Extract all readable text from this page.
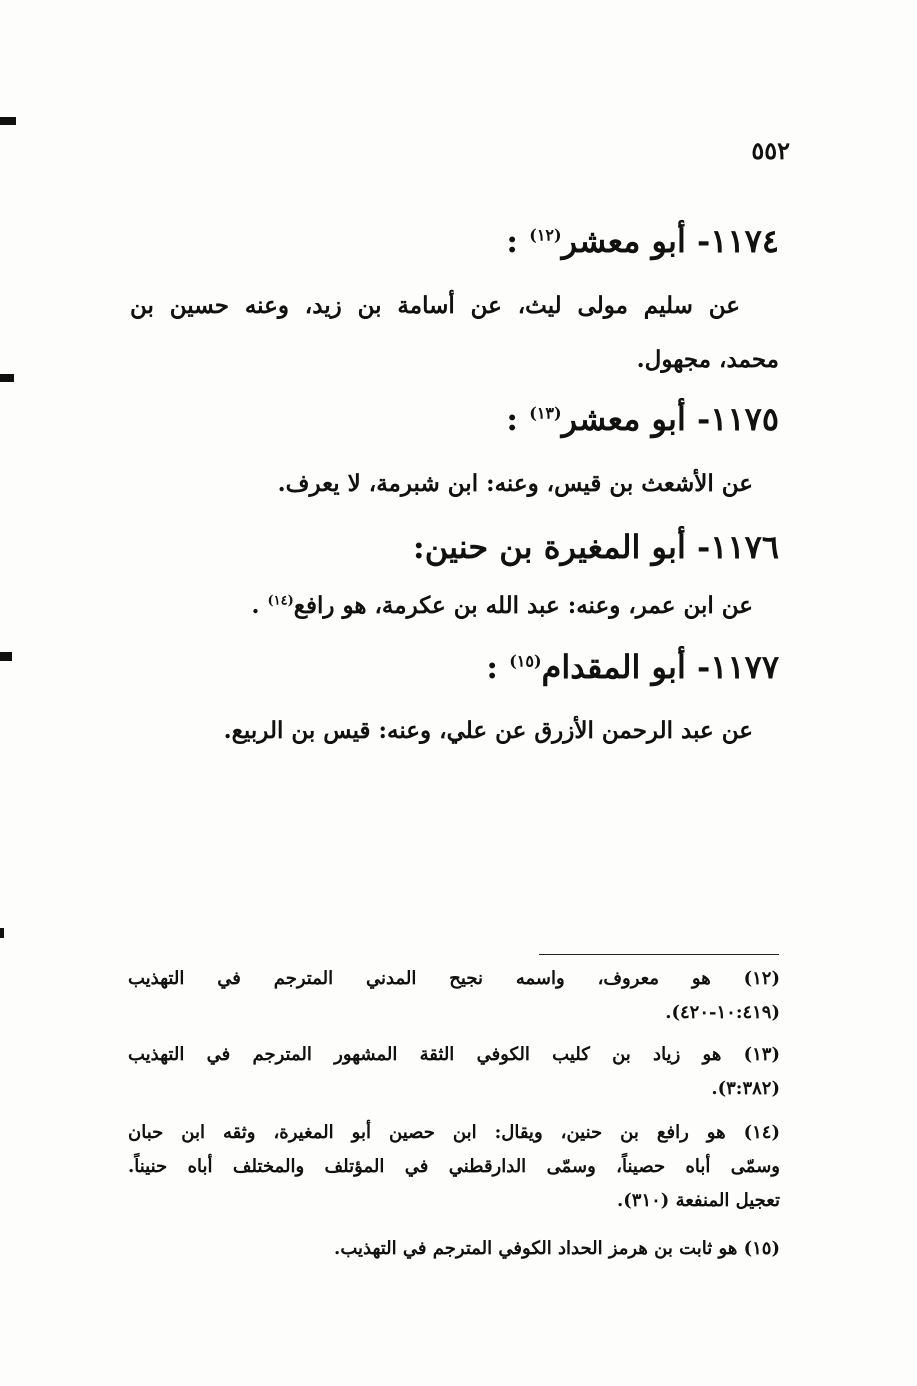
٥٥٢
١١٧٤- أبو معشر$^{(١٢)}$ :
عن سليم مولى ليث، عن أسامة بن زيد، وعنه حسين بن
محمد، مجهول.
١١٧٥- أبو معشر$^{(١٣)}$ :
عن الأشعث بن قيس، وعنه: ابن شبرمة، لا يعرف.
١١٧٦- أبو المغيرة بن حنين:
عن ابن عمر، وعنه: عبد الله بن عكرمة، هو رافع$^{(١٤)}$ .
١١٧٧- أبو المقدام$^{(١٥)}$ :
عن عبد الرحمن الأزرق عن علي، وعنه: قيس بن الربيع.
(١٢) هو معروف، واسمه نجيح المدني المترجم في التهذيب
(١٠:٤١٩-٤٢٠).
(١٣) هو زياد بن كليب الكوفي الثقة المشهور المترجم في التهذيب
(٣:٣٨٢).
(١٤) هو رافع بن حنين، ويقال: ابن حصين أبو المغيرة، وثقه ابن حبان
وسمّى أباه حصيناً، وسمّى الدارقطني في المؤتلف والمختلف أباه حنيناً.
تعجيل المنفعة (٣١٠).
(١٥) هو ثابت بن هرمز الحداد الكوفي المترجم في التهذيب.
